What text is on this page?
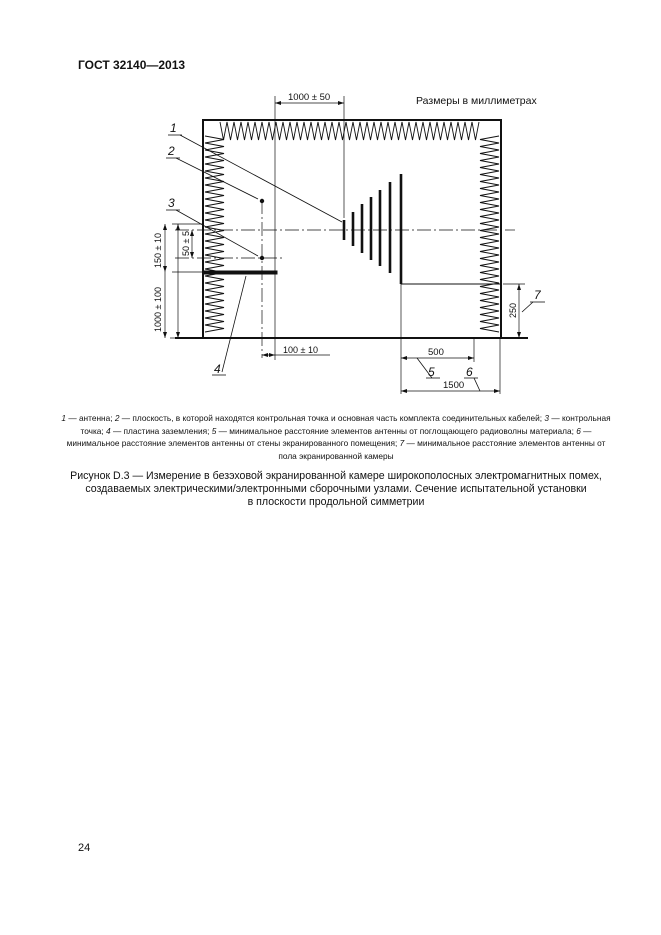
ГОСТ 32140—2013
Размеры в миллиметрах
1000 ± 50
150 ± 10 50 ± 5
1000 ± 100
100 ± 10
250
500
1500
1
2
3
4	5	6
7
1 — антенна; 2 — плоскость, в которой находятся контрольная точка и основная часть комплекта соединительных кабелей; 3 — контрольная точка; 4 — пластина заземления; 5 — минимальное расстояние элементов антенны от поглощающего радиоволны материала; 6 — минимальное расстояние элементов антенны от стены экранированного помещения; 7 — минимальное расстояние элементов антенны от пола экранированной камеры
Рисунок D.3 — Измерение в безэховой экранированной камере широкополосных электромагнитных помех,
создаваемых электрическими/электронными сборочными узлами. Сечение испытательной установки
в плоскости продольной симметрии
24
